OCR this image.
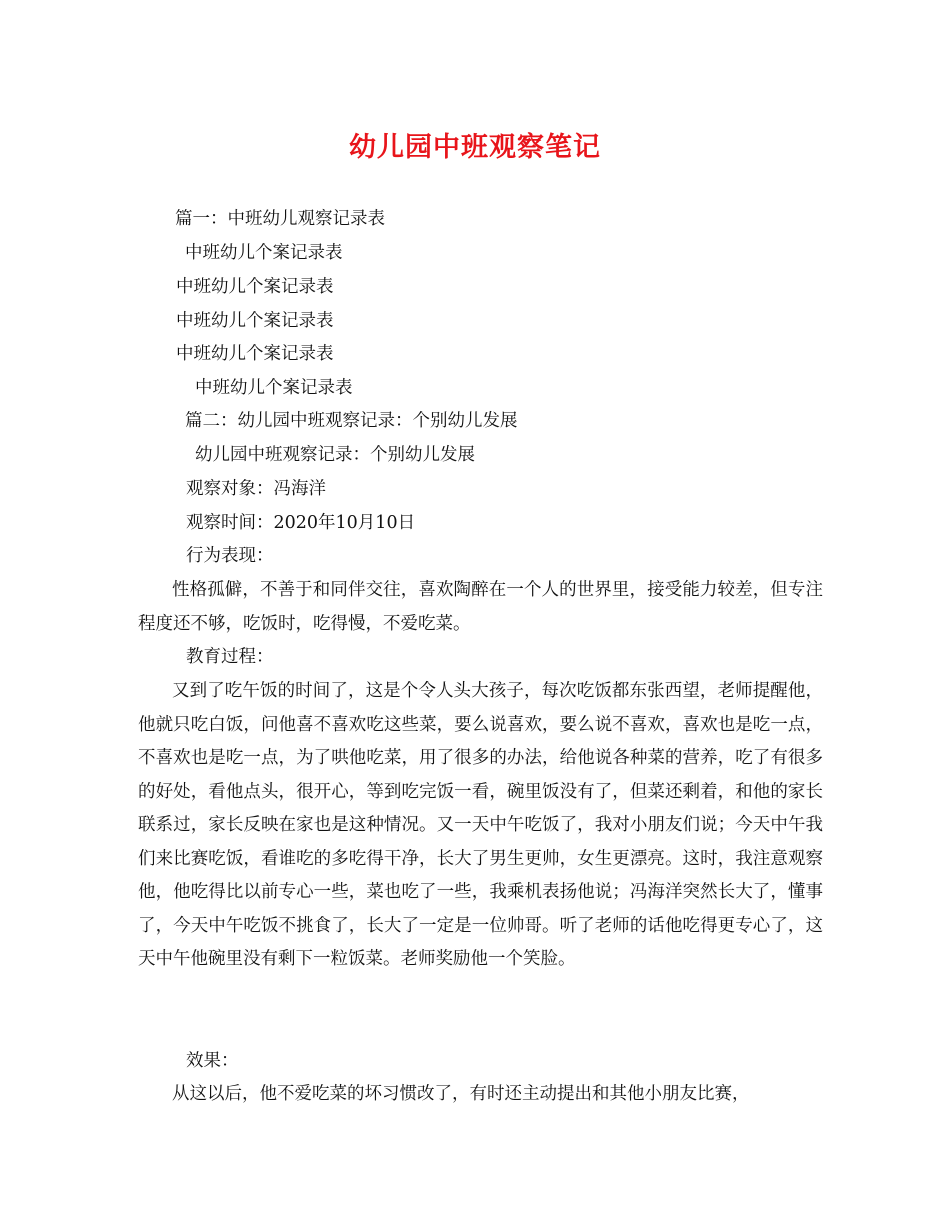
幼儿园中班观察笔记
篇一：中班幼儿观察记录表
中班幼儿个案记录表
中班幼儿个案记录表
中班幼儿个案记录表
中班幼儿个案记录表
中班幼儿个案记录表
篇二：幼儿园中班观察记录：个别幼儿发展
幼儿园中班观察记录：个别幼儿发展
观察对象：冯海洋
观察时间：2020年10月10日
行为表现：
性格孤僻，不善于和同伴交往，喜欢陶醉在一个人的世界里，接受能力较差，但专注程度还不够，吃饭时，吃得慢，不爱吃菜。
教育过程：
又到了吃午饭的时间了，这是个令人头大孩子，每次吃饭都东张西望，老师提醒他，他就只吃白饭，问他喜不喜欢吃这些菜，要么说喜欢，要么说不喜欢，喜欢也是吃一点，不喜欢也是吃一点，为了哄他吃菜，用了很多的办法，给他说各种菜的营养，吃了有很多的好处，看他点头，很开心，等到吃完饭一看，碗里饭没有了，但菜还剩着，和他的家长联系过，家长反映在家也是这种情况。又一天中午吃饭了，我对小朋友们说；今天中午我们来比赛吃饭，看谁吃的多吃得干净，长大了男生更帅，女生更漂亮。这时，我注意观察他，他吃得比以前专心一些，菜也吃了一些，我乘机表扬他说；冯海洋突然长大了，懂事了，今天中午吃饭不挑食了，长大了一定是一位帅哥。听了老师的话他吃得更专心了，这天中午他碗里没有剩下一粒饭菜。老师奖励他一个笑脸。
效果：
从这以后，他不爱吃菜的坏习惯改了，有时还主动提出和其他小朋友比赛，
